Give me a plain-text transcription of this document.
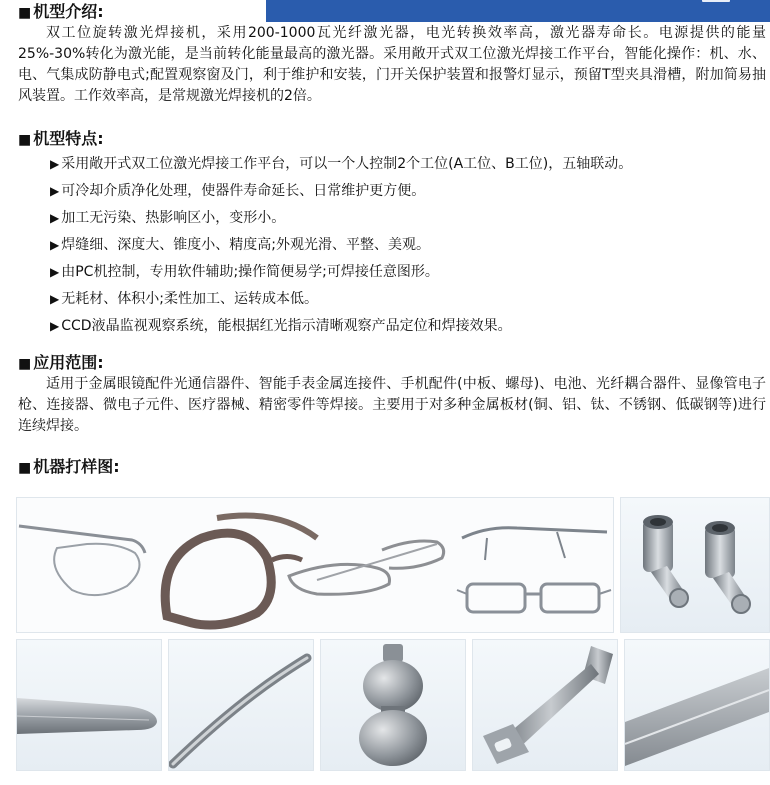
■ 机型介绍:

双工位旋转激光焊接机，采用200-1000瓦光纤激光器，电光转换效率高，激光器寿命长。电源提供的能量25%-30%转化为激光能，是当前转化能量最高的激光器。采用敞开式双工位激光焊接工作平台，智能化操作：机、水、电、气集成防静电式;配置观察窗及门，利于维护和安装，门开关保护装置和报警灯显示，预留T型夹具滑槽，附加简易抽风装置。工作效率高，是常规激光焊接机的2倍。

■ 机型特点:
▶ 采用敞开式双工位激光焊接工作平台，可以一个人控制2个工位(A工位、B工位)，五轴联动。
▶ 可冷却介质净化处理，使器件寿命延长、日常维护更方便。
▶ 加工无污染、热影响区小，变形小。
▶ 焊缝细、深度大、锥度小、精度高;外观光滑、平整、美观。
▶ 由PC机控制，专用软件辅助;操作简便易学;可焊接任意图形。
▶ 无耗材、体积小;柔性加工、运转成本低。
▶ CCD液晶监视观察系统，能根据红光指示清晰观察产品定位和焊接效果。
■ 应用范围:

适用于金属眼镜配件光通信器件、智能手表金属连接件、手机配件(中板、螺母)、电池、光纤耦合器件、显像管电子枪、连接器、微电子元件、医疗器械、精密零件等焊接。主要用于对多种金属板材(铜、铝、钛、不锈钢、低碳钢等)进行连续焊接。

■ 机器打样图:
